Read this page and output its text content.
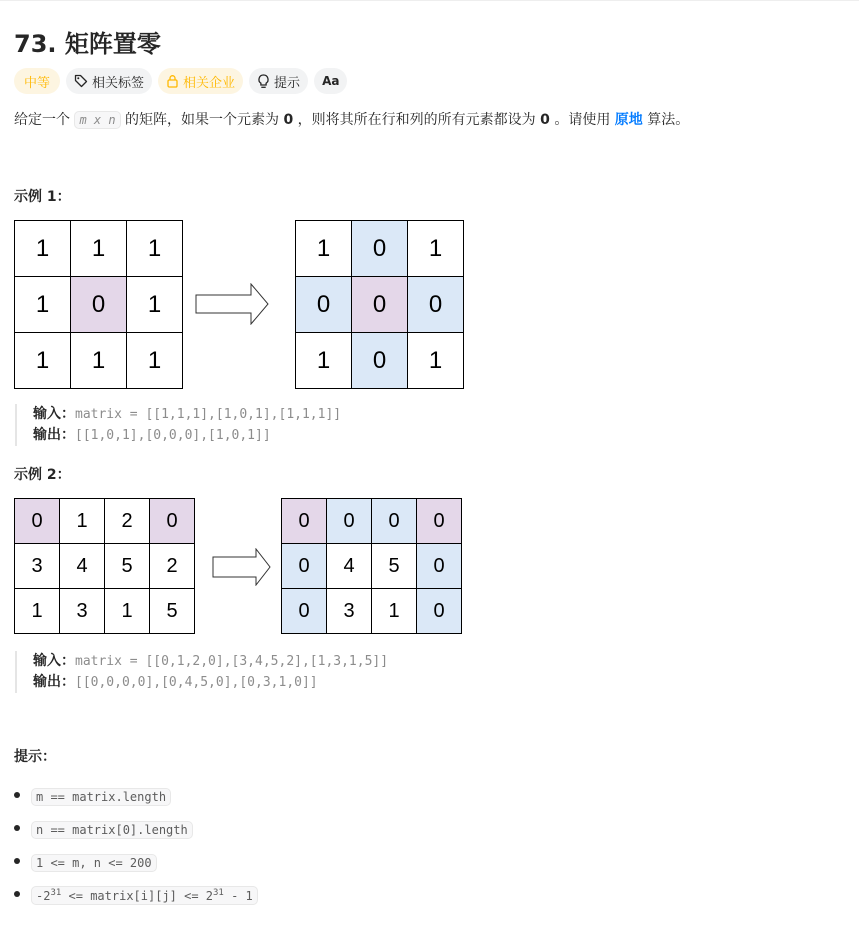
73. 矩阵置零
中等	相关标签	相关企业	提示 Aa
给定一个 m x n 的矩阵，如果一个元素为 0 ，则将其所在行和列的所有元素都设为 0 。请使用 原地 算法。
示例 1：
1	1	1
1	0	1
1	1	1
1	0	1
0	0	0
1	0	1
输入：matrix = [[1,1,1],[1,0,1],[1,1,1]]
输出：[[1,0,1],[0,0,0],[1,0,1]]
示例 2：
0	1	2	0
3	4	5	2
1	3	1	5
0	0	0	0
0	4	5	0
0	3	1	0
输入：matrix = [[0,1,2,0],[3,4,5,2],[1,3,1,5]]
输出：[[0,0,0,0],[0,4,5,0],[0,3,1,0]]
提示：
m == matrix.length
n == matrix[0].length
1 <= m, n <= 200
$-2^{31}$ <= matrix[i][j] <= $2^{31} - 1$
